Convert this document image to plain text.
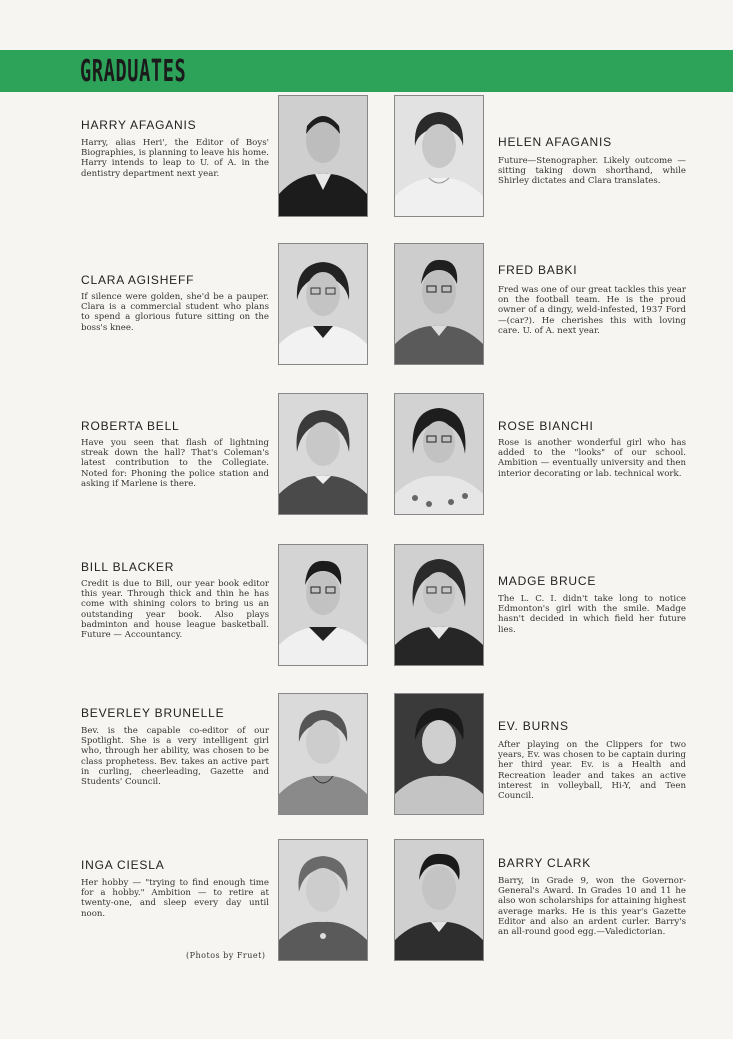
GRADUATES
HARRY AFAGANIS

Harry, alias Heri', the Editor of Boys' Biographies, is planning to leave his home. Harry intends to leap to U. of A. in the dentistry department next year.

HELEN AFAGANIS

Future—Stenographer. Likely outcome —sitting taking down shorthand, while Shirley dictates and Clara translates.

CLARA AGISHEFF

If silence were golden, she'd be a pauper. Clara is a commercial student who plans to spend a glorious future sitting on the boss's knee.

FRED BABKI

Fred was one of our great tackles this year on the football team. He is the proud owner of a dingy, weld-infested, 1937 Ford—(car?). He cherishes this with loving care. U. of A. next year.

ROBERTA BELL

Have you seen that flash of lightning streak down the hall? That's Coleman's latest contribution to the Collegiate. Noted for: Phoning the police station and asking if Marlene is there.

ROSE BIANCHI

Rose is another wonderful girl who has added to the "looks" of our school. Ambition — eventually university and then interior decorating or lab. technical work.

BILL BLACKER

Credit is due to Bill, our year book editor this year. Through thick and thin he has come with shining colors to bring us an outstanding year book. Also plays badminton and house league basketball. Future — Accountancy.

MADGE BRUCE

The L. C. I. didn't take long to notice Edmonton's girl with the smile. Madge hasn't decided in which field her future lies.

BEVERLEY BRUNELLE

Bev. is the capable co-editor of our Spotlight. She is a very intelligent girl who, through her ability, was chosen to be class prophetess. Bev. takes an active part in curling, cheerleading, Gazette and Students' Council.

EV. BURNS

After playing on the Clippers for two years, Ev. was chosen to be captain during her third year. Ev. is a Health and Recreation leader and takes an active interest in volleyball, Hi-Y, and Teen Council.

INGA CIESLA

Her hobby — "trying to find enough time for a hobby." Ambition — to retire at twenty-one, and sleep every day until noon.

BARRY CLARK

Barry, in Grade 9, won the Governor-General's Award. In Grades 10 and 11 he also won scholarships for attaining highest average marks. He is this year's Gazette Editor and also an ardent curler. Barry's an all-round good egg.—Valedictorian.

(Photos by Fruet)
